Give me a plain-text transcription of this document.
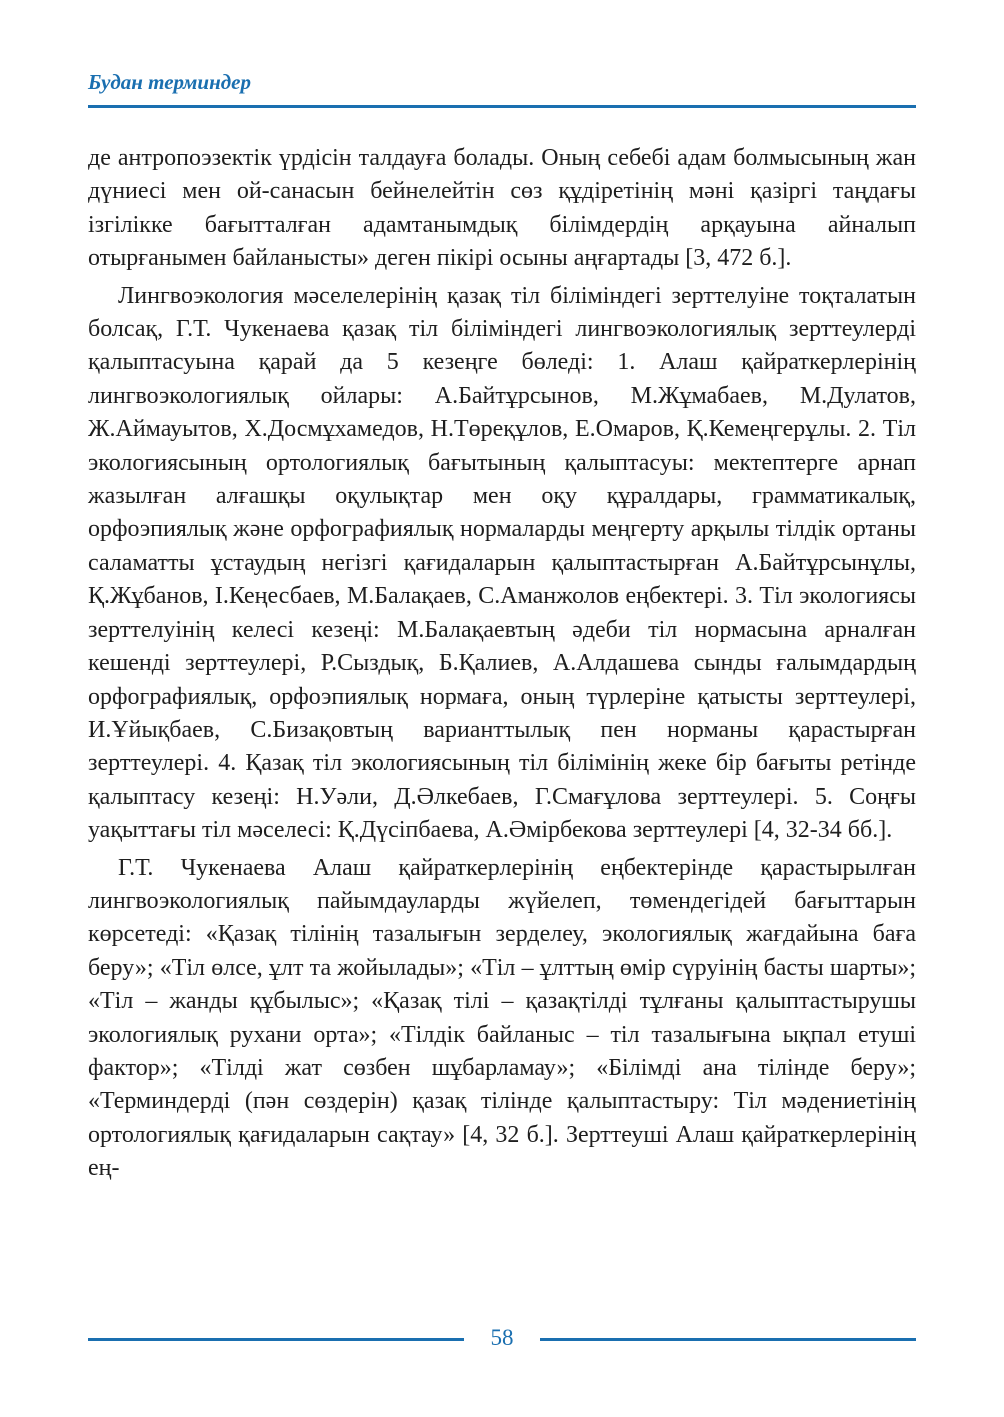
Будан терминдер

де антропоэзектік үрдісін талдауға болады. Оның себебі адам болмысының жан дүниесі мен ой-санасын бейнелейтін сөз құдіретінің мәні қазіргі таңдағы ізгілікке бағытталған адамтанымдық білімдердің арқауына айналып отырғанымен байланысты» деген пікірі осыны аңғартады [3, 472 б.].

Лингвоэкология мәселелерінің қазақ тіл біліміндегі зерттелуіне тоқталатын болсақ, Г.Т. Чукенаева қазақ тіл біліміндегі лингвоэкологиялық зерттеулерді қалыптасуына қарай да 5 кезеңге бөледі: 1. Алаш қайраткерлерінің лингвоэкологиялық ойлары: А.Байтұрсынов, М.Жұмабаев, М.Дулатов, Ж.Аймауытов, Х.Досмұхамедов, Н.Төреқұлов, Е.Омаров, Қ.Кемеңгерұлы. 2. Тіл экологиясының ортологиялық бағытының қалыптасуы: мектептерге арнап жазылған алғашқы оқулықтар мен оқу құралдары, грамматикалық, орфоэпиялық және орфографиялық нормаларды меңгерту арқылы тілдік ортаны саламатты ұстаудың негізгі қағидаларын қалыптастырған А.Байтұрсынұлы, Қ.Жұбанов, І.Кеңесбаев, М.Балақаев, С.Аманжолов еңбектері. 3. Тіл экологиясы зерттелуінің келесі кезеңі: М.Балақаевтың әдеби тіл нормасына арналған кешенді зерттеулері, Р.Сыздық, Б.Қалиев, А.Алдашева сынды ғалымдардың орфографиялық, орфоэпиялық нормаға, оның түрлеріне қатысты зерттеулері, И.Ұйықбаев, С.Бизақовтың варианттылық пен норманы қарастырған зерттеулері. 4. Қазақ тіл экологиясының тіл білімінің жеке бір бағыты ретінде қалыптасу кезеңі: Н.Уәли, Д.Әлкебаев, Г.Смағұлова зерттеулері. 5. Соңғы уақыттағы тіл мәселесі: Қ.Дүсіпбаева, А.Әмірбекова зерттеулері [4, 32-34 бб.].

Г.Т. Чукенаева Алаш қайраткерлерінің еңбектерінде қарастырылған лингвоэкологиялық пайымдауларды жүйелеп, төмендегідей бағыттарын көрсетеді: «Қазақ тілінің тазалығын зерделеу, экологиялық жағдайына баға беру»; «Тіл өлсе, ұлт та жойылады»; «Тіл – ұлттың өмір сүруінің басты шарты»; «Тіл – жанды құбылыс»; «Қазақ тілі – қазақтілді тұлғаны қалыптастырушы экологиялық рухани орта»; «Тілдік байланыс – тіл тазалығына ықпал етуші фактор»; «Тілді жат сөзбен шұбарламау»; «Білімді ана тілінде беру»; «Терминдерді (пән сөздерін) қазақ тілінде қалыптастыру: Тіл мәдениетінің ортологиялық қағидаларын сақтау» [4, 32 б.]. Зерттеуші Алаш қайраткерлерінің ең-

58
